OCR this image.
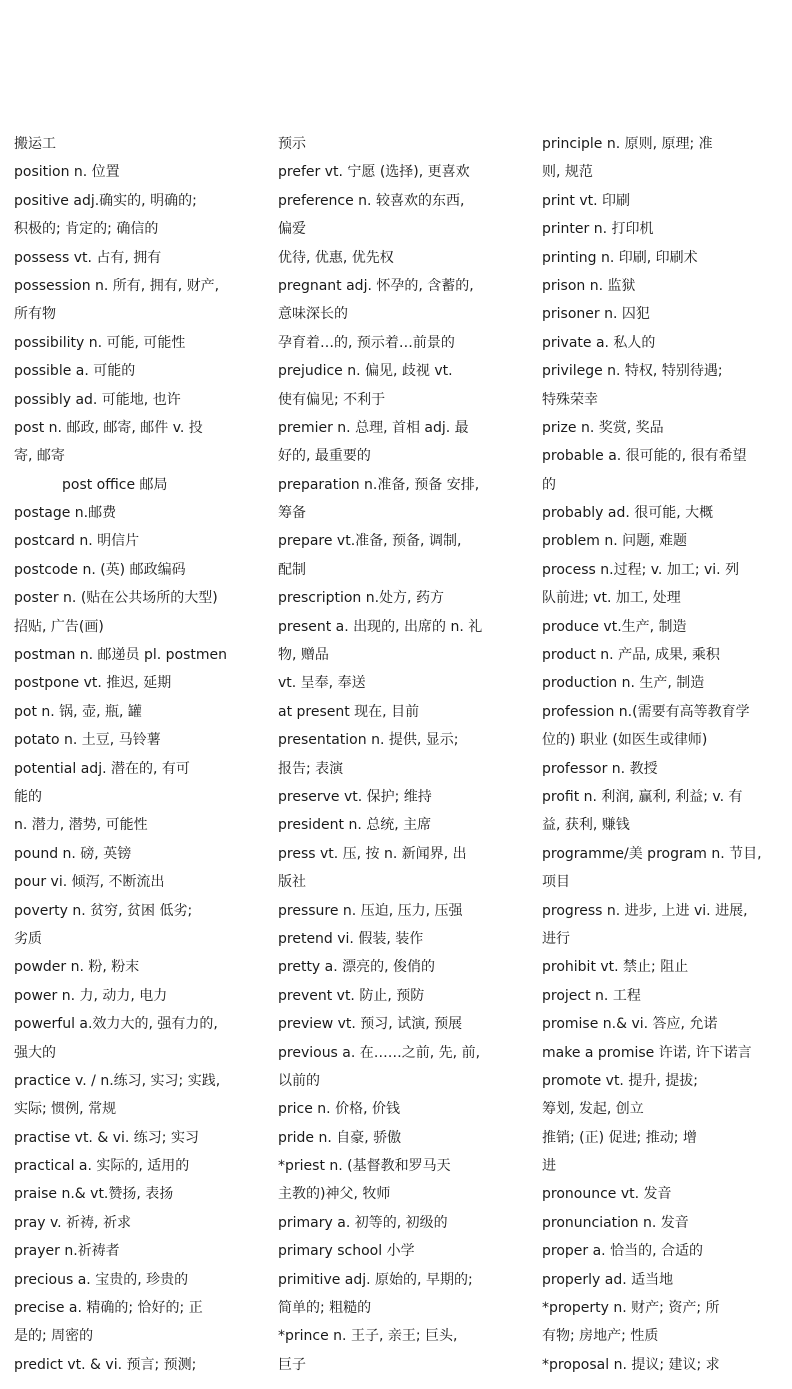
搬运工
position n. 位置
positive adj.确实的, 明确的;
积极的; 肯定的; 确信的
possess vt. 占有, 拥有
possession n. 所有, 拥有, 财产,
所有物
possibility n. 可能, 可能性
possible a. 可能的
possibly ad. 可能地, 也许
post n. 邮政, 邮寄, 邮件 v. 投
寄, 邮寄
post office 邮局
postage n.邮费
postcard n. 明信片
postcode n. (英) 邮政编码
poster n. (贴在公共场所的大型)
招贴, 广告(画)
postman n. 邮递员 pl. postmen
postpone vt. 推迟, 延期
pot n. 锅, 壶, 瓶, 罐
potato n. 土豆, 马铃薯
potential adj. 潜在的, 有可
能的
n. 潜力, 潜势, 可能性
pound n. 磅, 英镑
pour vi. 倾泻, 不断流出
poverty n. 贫穷, 贫困 低劣;
劣质
powder n. 粉, 粉末
power n. 力, 动力, 电力
powerful a.效力大的, 强有力的,
强大的
practice v. / n.练习, 实习; 实践,
实际; 惯例, 常规
practise vt. & vi. 练习; 实习
practical a. 实际的, 适用的
praise n.& vt.赞扬, 表扬
pray v. 祈祷, 祈求
prayer n.祈祷者
precious a. 宝贵的, 珍贵的
precise a. 精确的; 恰好的; 正
是的; 周密的
predict vt. & vi. 预言; 预测;
预示
prefer vt. 宁愿 (选择), 更喜欢
preference n. 较喜欢的东西,
偏爱
优待, 优惠, 优先权
pregnant adj. 怀孕的, 含蓄的,
意味深长的
孕育着…的, 预示着…前景的
prejudice n. 偏见, 歧视 vt.
使有偏见; 不利于
premier n. 总理, 首相 adj. 最
好的, 最重要的
preparation n.准备, 预备 安排,
筹备
prepare vt.准备, 预备, 调制,
配制
prescription n.处方, 药方
present a. 出现的, 出席的 n. 礼
物, 赠品
vt. 呈奉, 奉送
at present 现在, 目前
presentation n. 提供, 显示;
报告; 表演
preserve vt. 保护; 维持
president n. 总统, 主席
press vt. 压, 按 n. 新闻界, 出
版社
pressure n. 压迫, 压力, 压强
pretend vi. 假装, 装作
pretty a. 漂亮的, 俊俏的
prevent vt. 防止, 预防
preview vt. 预习, 试演, 预展
previous a. 在……之前, 先, 前,
以前的
price n. 价格, 价钱
pride n. 自豪, 骄傲
*priest n. (基督教和罗马天
主教的)神父, 牧师
primary a. 初等的, 初级的
primary school 小学
primitive adj. 原始的, 早期的;
简单的; 粗糙的
*prince n. 王子, 亲王; 巨头,
巨子
principle n. 原则, 原理; 准
则, 规范
print vt. 印刷
printer n. 打印机
printing n. 印刷, 印刷术
prison n. 监狱
prisoner n. 囚犯
private a. 私人的
privilege n. 特权, 特别待遇;
特殊荣幸
prize n. 奖赏, 奖品
probable a. 很可能的, 很有希望
的
probably ad. 很可能, 大概
problem n. 问题, 难题
process n.过程; v. 加工; vi. 列
队前进; vt. 加工, 处理
produce vt.生产, 制造
product n. 产品, 成果, 乘积
production n. 生产, 制造
profession n.(需要有高等教育学
位的) 职业 (如医生或律师)
professor n. 教授
profit n. 利润, 赢利, 利益; v. 有
益, 获利, 赚钱
programme/美 program n. 节目,
项目
progress n. 进步, 上进 vi. 进展,
进行
prohibit vt. 禁止; 阻止
project n. 工程
promise n.& vi. 答应, 允诺
make a promise 许诺, 许下诺言
promote vt. 提升, 提拔;
筹划, 发起, 创立
推销; (正) 促进; 推动; 增
进
pronounce vt. 发音
pronunciation n. 发音
proper a. 恰当的, 合适的
properly ad. 适当地
*property n. 财产; 资产; 所
有物; 房地产; 性质
*proposal n. 提议; 建议; 求
